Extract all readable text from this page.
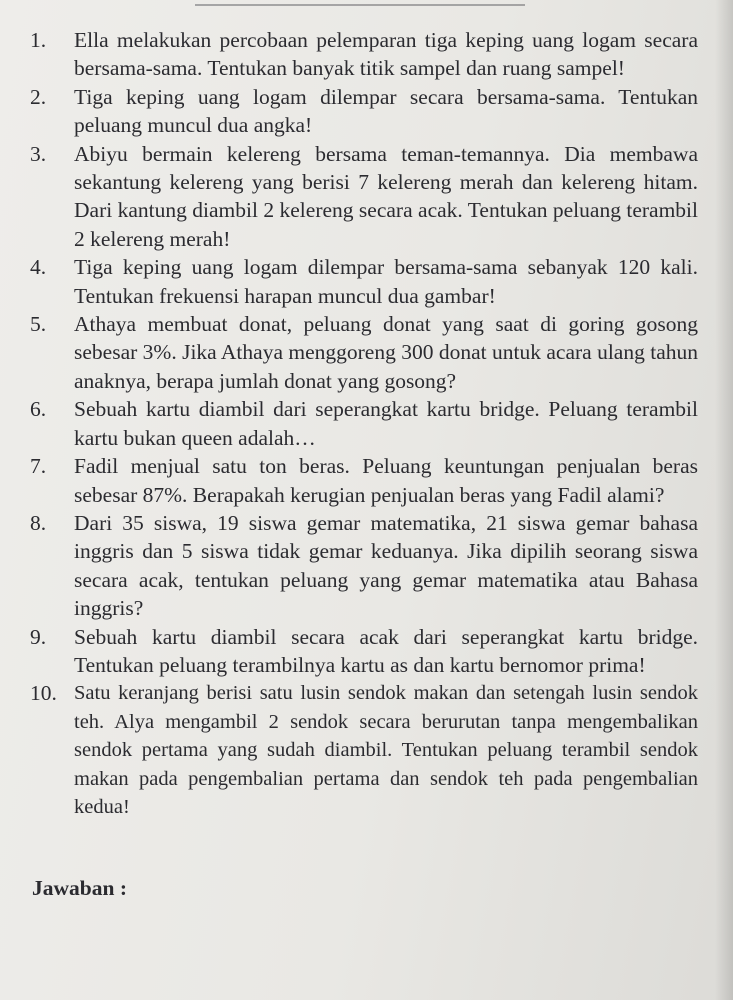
1. Ella melakukan percobaan pelemparan tiga keping uang logam secara bersama-sama. Tentukan banyak titik sampel dan ruang sampel!
2. Tiga keping uang logam dilempar secara bersama-sama. Tentukan peluang muncul dua angka!
3. Abiyu bermain kelereng bersama teman-temannya. Dia membawa sekantung kelereng yang berisi 7 kelereng merah dan kelereng hitam. Dari kantung diambil 2 kelereng secara acak. Tentukan peluang terambil 2 kelereng merah!
4. Tiga keping uang logam dilempar bersama-sama sebanyak 120 kali. Tentukan frekuensi harapan muncul dua gambar!
5. Athaya membuat donat, peluang donat yang saat di goring gosong sebesar 3%. Jika Athaya menggoreng 300 donat untuk acara ulang tahun anaknya, berapa jumlah donat yang gosong?
6. Sebuah kartu diambil dari seperangkat kartu bridge. Peluang terambil kartu bukan queen adalah…
7. Fadil menjual satu ton beras. Peluang keuntungan penjualan beras sebesar 87%. Berapakah kerugian penjualan beras yang Fadil alami?
8. Dari 35 siswa, 19 siswa gemar matematika, 21 siswa gemar bahasa inggris dan 5 siswa tidak gemar keduanya. Jika dipilih seorang siswa secara acak, tentukan peluang yang gemar matematika atau Bahasa inggris?
9. Sebuah kartu diambil secara acak dari seperangkat kartu bridge. Tentukan peluang terambilnya kartu as dan kartu bernomor prima!
10. Satu keranjang berisi satu lusin sendok makan dan setengah lusin sendok teh. Alya mengambil 2 sendok secara berurutan tanpa mengembalikan sendok pertama yang sudah diambil. Tentukan peluang terambil sendok makan pada pengembalian pertama dan sendok teh pada pengembalian kedua!

Jawaban :
